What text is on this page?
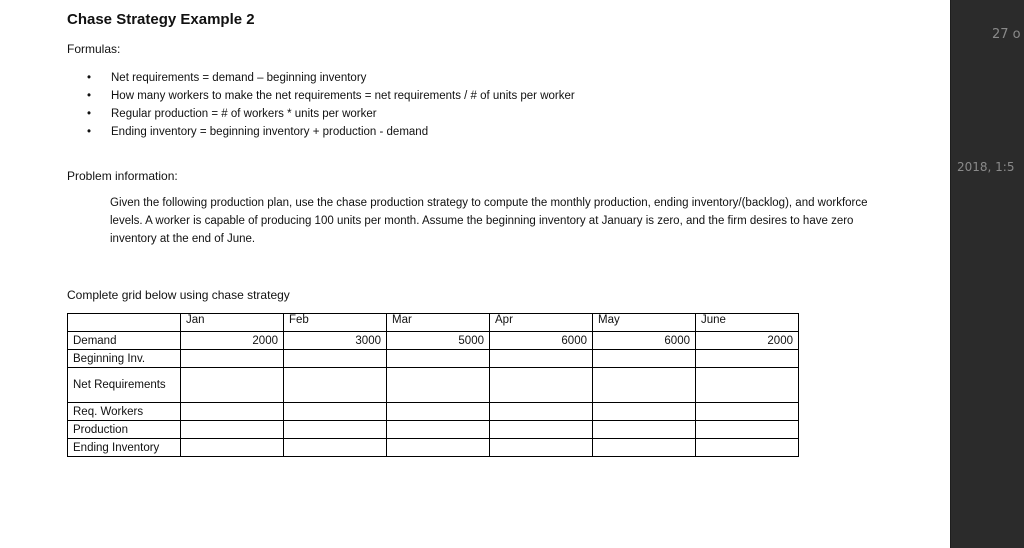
Chase Strategy Example 2
Formulas:
• Net requirements = demand – beginning inventory
• How many workers to make the net requirements = net requirements / # of units per worker
• Regular production = # of workers * units per worker
• Ending inventory = beginning inventory + production - demand
Problem information:
Given the following production plan, use the chase production strategy to compute the monthly production, ending inventory/(backlog), and workforce levels. A worker is capable of producing 100 units per month. Assume the beginning inventory at January is zero, and the firm desires to have zero inventory at the end of June.
Complete grid below using chase strategy
	Jan	Feb	Mar	Apr	May	June
Demand	2000	3000	5000	6000	6000	2000
Beginning Inv.						
Net Requirements						
Req. Workers						
Production						
Ending Inventory						
27 o
2018, 1:5
